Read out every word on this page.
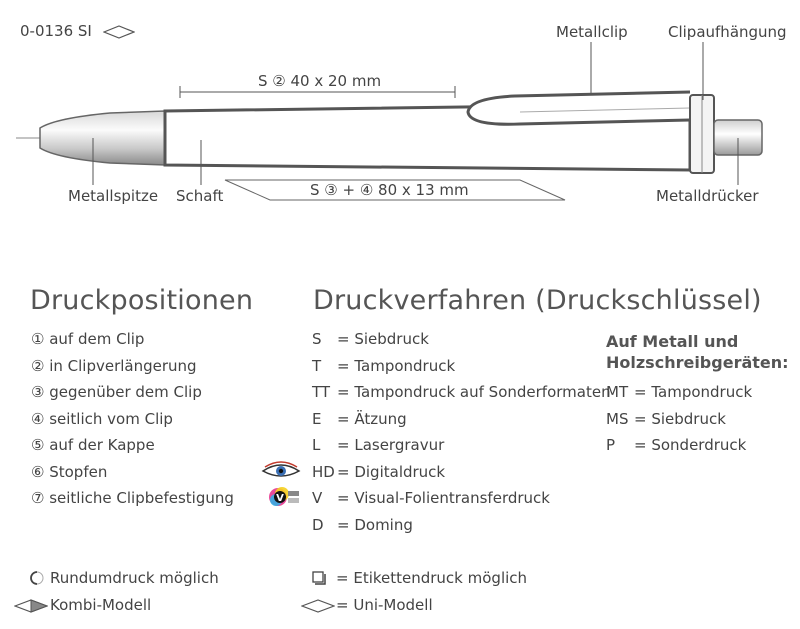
0-0136 SI	Metallclip	Clipaufhängung
Metallspitze Schaft	Metalldrücker
S ② 40 x 20 mm
S ③ + ④ 80 x 13 mm
Druckpositionen Druckverfahren (Druckschlüssel)
① auf dem Clip
② in Clipverlängerung
③ gegenüber dem Clip
④ seitlich vom Clip
⑤ auf der Kappe
⑥ Stopfen
⑦ seitliche Clipbefestigung
S = Siebdruck
T = Tampondruck
TT = Tampondruck auf Sonderformaten
E = Ätzung
L = Lasergravur
HD = Digitaldruck
V = Visual-Folientransferdruck
D = Doming
V
Auf Metall und
Holzschreibgeräten:
MT = Tampondruck
MS = Siebdruck
P = Sonderdruck
Rundumdruck möglich
Kombi-Modell
= Etikettendruck möglich
= Uni-Modell
